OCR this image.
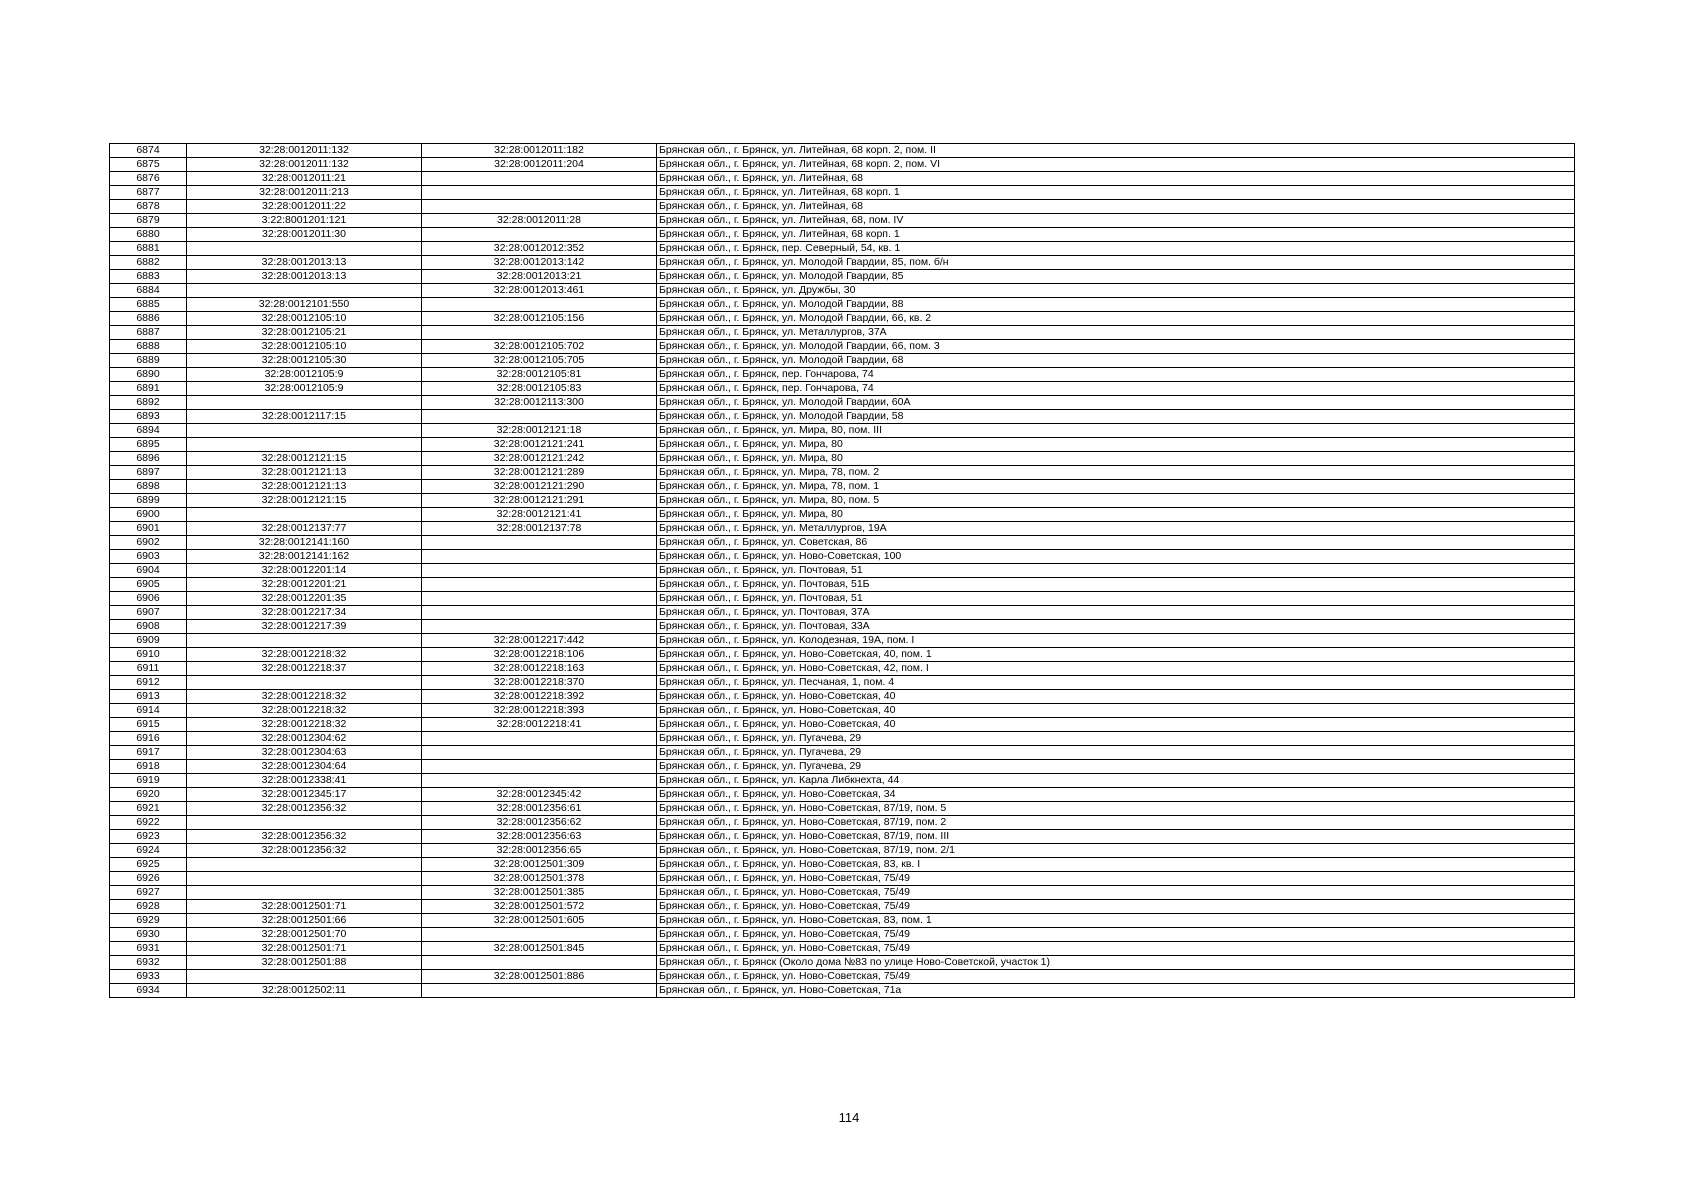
6874	32:28:0012011:132	32:28:0012011:182	Брянская обл., г. Брянск, ул. Литейная, 68 корп. 2, пом. II
6875	32:28:0012011:132	32:28:0012011:204	Брянская обл., г. Брянск, ул. Литейная, 68 корп. 2, пом. VI
6876	32:28:0012011:21		Брянская обл., г. Брянск, ул. Литейная, 68
6877	32:28:0012011:213		Брянская обл., г. Брянск, ул. Литейная, 68 корп. 1
6878	32:28:0012011:22		Брянская обл., г. Брянск, ул. Литейная, 68
6879	3:22:8001201:121	32:28:0012011:28	Брянская обл., г. Брянск, ул. Литейная, 68, пом. IV
6880	32:28:0012011:30		Брянская обл., г. Брянск, ул. Литейная, 68 корп. 1
6881		32:28:0012012:352	Брянская обл., г. Брянск, пер. Северный, 54, кв. 1
6882	32:28:0012013:13	32:28:0012013:142	Брянская обл., г. Брянск, ул. Молодой Гвардии, 85, пом. б/н
6883	32:28:0012013:13	32:28:0012013:21	Брянская обл., г. Брянск, ул. Молодой Гвардии, 85
6884		32:28:0012013:461	Брянская обл., г. Брянск, ул. Дружбы, 30
6885	32:28:0012101:550		Брянская обл., г. Брянск, ул. Молодой Гвардии, 88
6886	32:28:0012105:10	32:28:0012105:156	Брянская обл., г. Брянск, ул. Молодой Гвардии, 66, кв. 2
6887	32:28:0012105:21		Брянская обл., г. Брянск, ул. Металлургов, 37А
6888	32:28:0012105:10	32:28:0012105:702	Брянская обл., г. Брянск, ул. Молодой Гвардии, 66, пом. 3
6889	32:28:0012105:30	32:28:0012105:705	Брянская обл., г. Брянск, ул. Молодой Гвардии, 68
6890	32:28:0012105:9	32:28:0012105:81	Брянская обл., г. Брянск, пер. Гончарова, 74
6891	32:28:0012105:9	32:28:0012105:83	Брянская обл., г. Брянск, пер. Гончарова, 74
6892		32:28:0012113:300	Брянская обл., г. Брянск, ул. Молодой Гвардии, 60А
6893	32:28:0012117:15		Брянская обл., г. Брянск, ул. Молодой Гвардии, 58
6894		32:28:0012121:18	Брянская обл., г. Брянск, ул. Мира, 80, пом. III
6895		32:28:0012121:241	Брянская обл., г. Брянск, ул. Мира, 80
6896	32:28:0012121:15	32:28:0012121:242	Брянская обл., г. Брянск, ул. Мира, 80
6897	32:28:0012121:13	32:28:0012121:289	Брянская обл., г. Брянск, ул. Мира, 78, пом. 2
6898	32:28:0012121:13	32:28:0012121:290	Брянская обл., г. Брянск, ул. Мира, 78, пом. 1
6899	32:28:0012121:15	32:28:0012121:291	Брянская обл., г. Брянск, ул. Мира, 80, пом. 5
6900		32:28:0012121:41	Брянская обл., г. Брянск, ул. Мира, 80
6901	32:28:0012137:77	32:28:0012137:78	Брянская обл., г. Брянск, ул. Металлургов, 19А
6902	32:28:0012141:160		Брянская обл., г. Брянск, ул. Советская, 86
6903	32:28:0012141:162		Брянская обл., г. Брянск, ул. Ново-Советская, 100
6904	32:28:0012201:14		Брянская обл., г. Брянск, ул. Почтовая, 51
6905	32:28:0012201:21		Брянская обл., г. Брянск, ул. Почтовая, 51Б
6906	32:28:0012201:35		Брянская обл., г. Брянск, ул. Почтовая, 51
6907	32:28:0012217:34		Брянская обл., г. Брянск, ул. Почтовая, 37А
6908	32:28:0012217:39		Брянская обл., г. Брянск, ул. Почтовая, 33А
6909		32:28:0012217:442	Брянская обл., г. Брянск, ул. Колодезная, 19А, пом. I
6910	32:28:0012218:32	32:28:0012218:106	Брянская обл., г. Брянск, ул. Ново-Советская, 40, пом. 1
6911	32:28:0012218:37	32:28:0012218:163	Брянская обл., г. Брянск, ул. Ново-Советская, 42, пом. I
6912		32:28:0012218:370	Брянская обл., г. Брянск, ул. Песчаная, 1, пом. 4
6913	32:28:0012218:32	32:28:0012218:392	Брянская обл., г. Брянск, ул. Ново-Советская, 40
6914	32:28:0012218:32	32:28:0012218:393	Брянская обл., г. Брянск, ул. Ново-Советская, 40
6915	32:28:0012218:32	32:28:0012218:41	Брянская обл., г. Брянск, ул. Ново-Советская, 40
6916	32:28:0012304:62		Брянская обл., г. Брянск, ул. Пугачева, 29
6917	32:28:0012304:63		Брянская обл., г. Брянск, ул. Пугачева, 29
6918	32:28:0012304:64		Брянская обл., г. Брянск, ул. Пугачева, 29
6919	32:28:0012338:41		Брянская обл., г. Брянск, ул. Карла Либкнехта, 44
6920	32:28:0012345:17	32:28:0012345:42	Брянская обл., г. Брянск, ул. Ново-Советская, 34
6921	32:28:0012356:32	32:28:0012356:61	Брянская обл., г. Брянск, ул. Ново-Советская, 87/19, пом. 5
6922		32:28:0012356:62	Брянская обл., г. Брянск, ул. Ново-Советская, 87/19, пом. 2
6923	32:28:0012356:32	32:28:0012356:63	Брянская обл., г. Брянск, ул. Ново-Советская, 87/19, пом. III
6924	32:28:0012356:32	32:28:0012356:65	Брянская обл., г. Брянск, ул. Ново-Советская, 87/19, пом. 2/1
6925		32:28:0012501:309	Брянская обл., г. Брянск, ул. Ново-Советская, 83, кв. I
6926		32:28:0012501:378	Брянская обл., г. Брянск, ул. Ново-Советская, 75/49
6927		32:28:0012501:385	Брянская обл., г. Брянск, ул. Ново-Советская, 75/49
6928	32:28:0012501:71	32:28:0012501:572	Брянская обл., г. Брянск, ул. Ново-Советская, 75/49
6929	32:28:0012501:66	32:28:0012501:605	Брянская обл., г. Брянск, ул. Ново-Советская, 83, пом. 1
6930	32:28:0012501:70		Брянская обл., г. Брянск, ул. Ново-Советская, 75/49
6931	32:28:0012501:71	32:28:0012501:845	Брянская обл., г. Брянск, ул. Ново-Советская, 75/49
6932	32:28:0012501:88		Брянская обл., г. Брянск (Около дома №83 по улице Ново-Советской, участок 1)
6933		32:28:0012501:886	Брянская обл., г. Брянск, ул. Ново-Советская, 75/49
6934	32:28:0012502:11		Брянская обл., г. Брянск, ул. Ново-Советская, 71а
114
